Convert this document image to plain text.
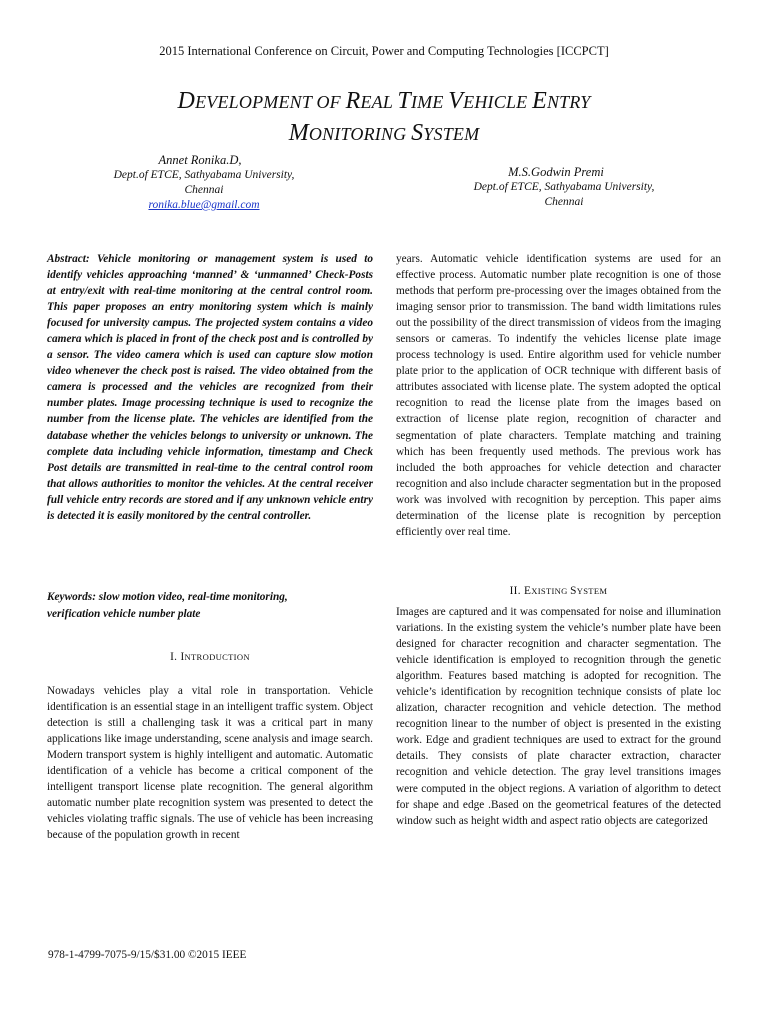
2015 International Conference on Circuit, Power and Computing Technologies [ICCPCT]
DEVELOPMENT OF REAL TIME VEHICLE ENTRY
MONITORING SYSTEM
Annet Ronika.D,
Dept.of ETCE, Sathyabama University,
Chennai
ronika.blue@gmail.com
M.S.Godwin Premi
Dept.of ETCE, Sathyabama University,
Chennai
Abstract: Vehicle monitoring or management system is used to identify vehicles approaching ‘manned’ & ‘unmanned’ Check-Posts at entry/exit with real-time monitoring at the central control room. This paper proposes an entry monitoring system which is mainly focused for university campus. The projected system contains a video camera which is placed in front of the check post and is controlled by a sensor. The video camera which is used can capture slow motion video whenever the check post is raised. The video obtained from the camera is processed and the vehicles are recognized from their number plates. Image processing technique is used to recognize the number from the license plate. The vehicles are identified from the database whether the vehicles belongs to university or unknown. The complete data including vehicle information, timestamp and Check Post details are transmitted in real-time to the central control room that allows authorities to monitor the vehicles. At the central receiver full vehicle entry records are stored and if any unknown vehicle entry is detected it is easily monitored by the central controller.
Keywords: slow motion video, real-time monitoring,
verification vehicle number plate
I. INTRODUCTION
Nowadays vehicles play a vital role in transportation. Vehicle identification is an essential stage in an intelligent traffic system. Object detection is still a challenging task it was a critical part in many applications like image understanding, scene analysis and image search. Modern transport system is highly intelligent and automatic. Automatic identification of a vehicle has become a critical component of the intelligent transport license plate recognition. The general algorithm automatic number plate recognition system was presented to detect the vehicles violating traffic signals. The use of vehicle has been increasing because of the population growth in recent
years. Automatic vehicle identification systems are used for an effective process. Automatic number plate recognition is one of those methods that perform pre-processing over the images obtained from the imaging sensor prior to transmission. The band width limitations rules out the possibility of the direct transmission of videos from the imaging sensors or cameras. To indentify the vehicles license plate image process technology is used. Entire algorithm used for vehicle number plate prior to the application of OCR technique with different basis of attributes associated with license plate. The system adopted the optical recognition to read the license plate from the images based on extraction of license plate region, recognition of character and segmentation of plate characters. Template matching and training which has been frequently used methods. The previous work has included the both approaches for vehicle detection and character recognition and also include character segmentation but in the proposed work was involved with recognition by perception. This paper aims determination of the license plate is recognition by perception efficiently over real time.
II. EXISTING SYSTEM
Images are captured and it was compensated for noise and illumination variations. In the existing system the vehicle’s number plate have been designed for character recognition and character segmentation. The vehicle identification is employed to recognition through the genetic algorithm. Features based matching is adopted for recognition. The vehicle’s identification by recognition technique consists of plate loc alization, character recognition and vehicle detection. The method recognition linear to the number of object is presented in the existing work. Edge and gradient techniques are used to extract for the ground details. They consists of plate character extraction, character recognition and vehicle detection. The gray level transitions images were computed in the object regions. A variation of algorithm to detect for shape and edge .Based on the geometrical features of the detected window such as height width and aspect ratio objects are categorized
978-1-4799-7075-9/15/$31.00 ©2015 IEEE
